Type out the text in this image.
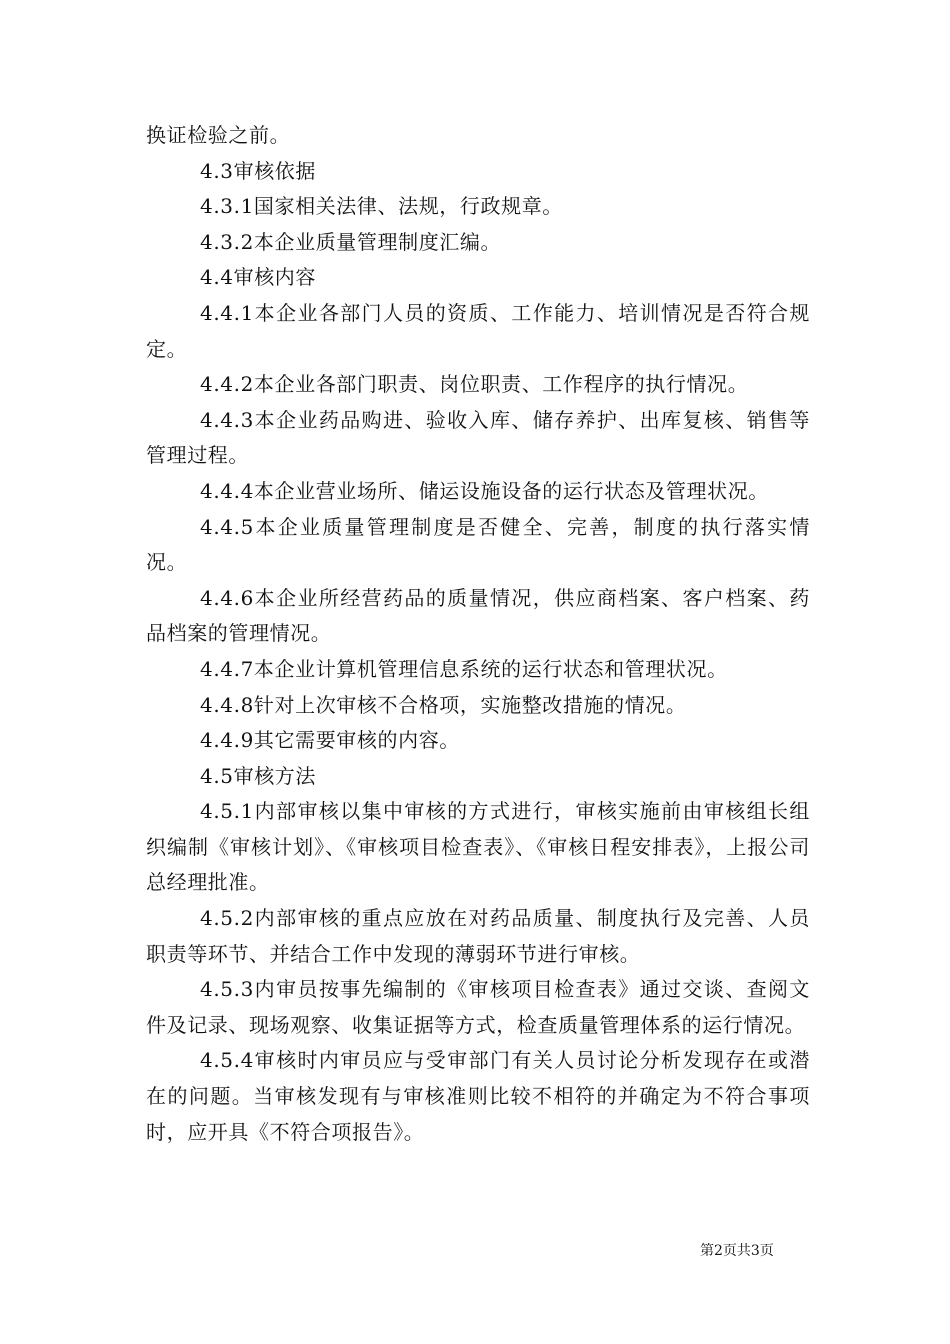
换证检验之前。

4.3审核依据

4.3.1国家相关法律、法规，行政规章。

4.3.2本企业质量管理制度汇编。

4.4审核内容

4.4.1本企业各部门人员的资质、工作能力、培训情况是否符合规定。

4.4.2本企业各部门职责、岗位职责、工作程序的执行情况。

4.4.3本企业药品购进、验收入库、储存养护、出库复核、销售等管理过程。

4.4.4本企业营业场所、储运设施设备的运行状态及管理状况。

4.4.5本企业质量管理制度是否健全、完善，制度的执行落实情况。

4.4.6本企业所经营药品的质量情况，供应商档案、客户档案、药品档案的管理情况。

4.4.7本企业计算机管理信息系统的运行状态和管理状况。

4.4.8针对上次审核不合格项，实施整改措施的情况。

4.4.9其它需要审核的内容。

4.5审核方法

4.5.1内部审核以集中审核的方式进行，审核实施前由审核组长组织编制《审核计划》、《审核项目检查表》、《审核日程安排表》，上报公司总经理批准。

4.5.2内部审核的重点应放在对药品质量、制度执行及完善、人员职责等环节、并结合工作中发现的薄弱环节进行审核。

4.5.3内审员按事先编制的《审核项目检查表》通过交谈、查阅文件及记录、现场观察、收集证据等方式，检查质量管理体系的运行情况。

4.5.4审核时内审员应与受审部门有关人员讨论分析发现存在或潜在的问题。当审核发现有与审核准则比较不相符的并确定为不符合事项时，应开具《不符合项报告》。

第2页共3页
